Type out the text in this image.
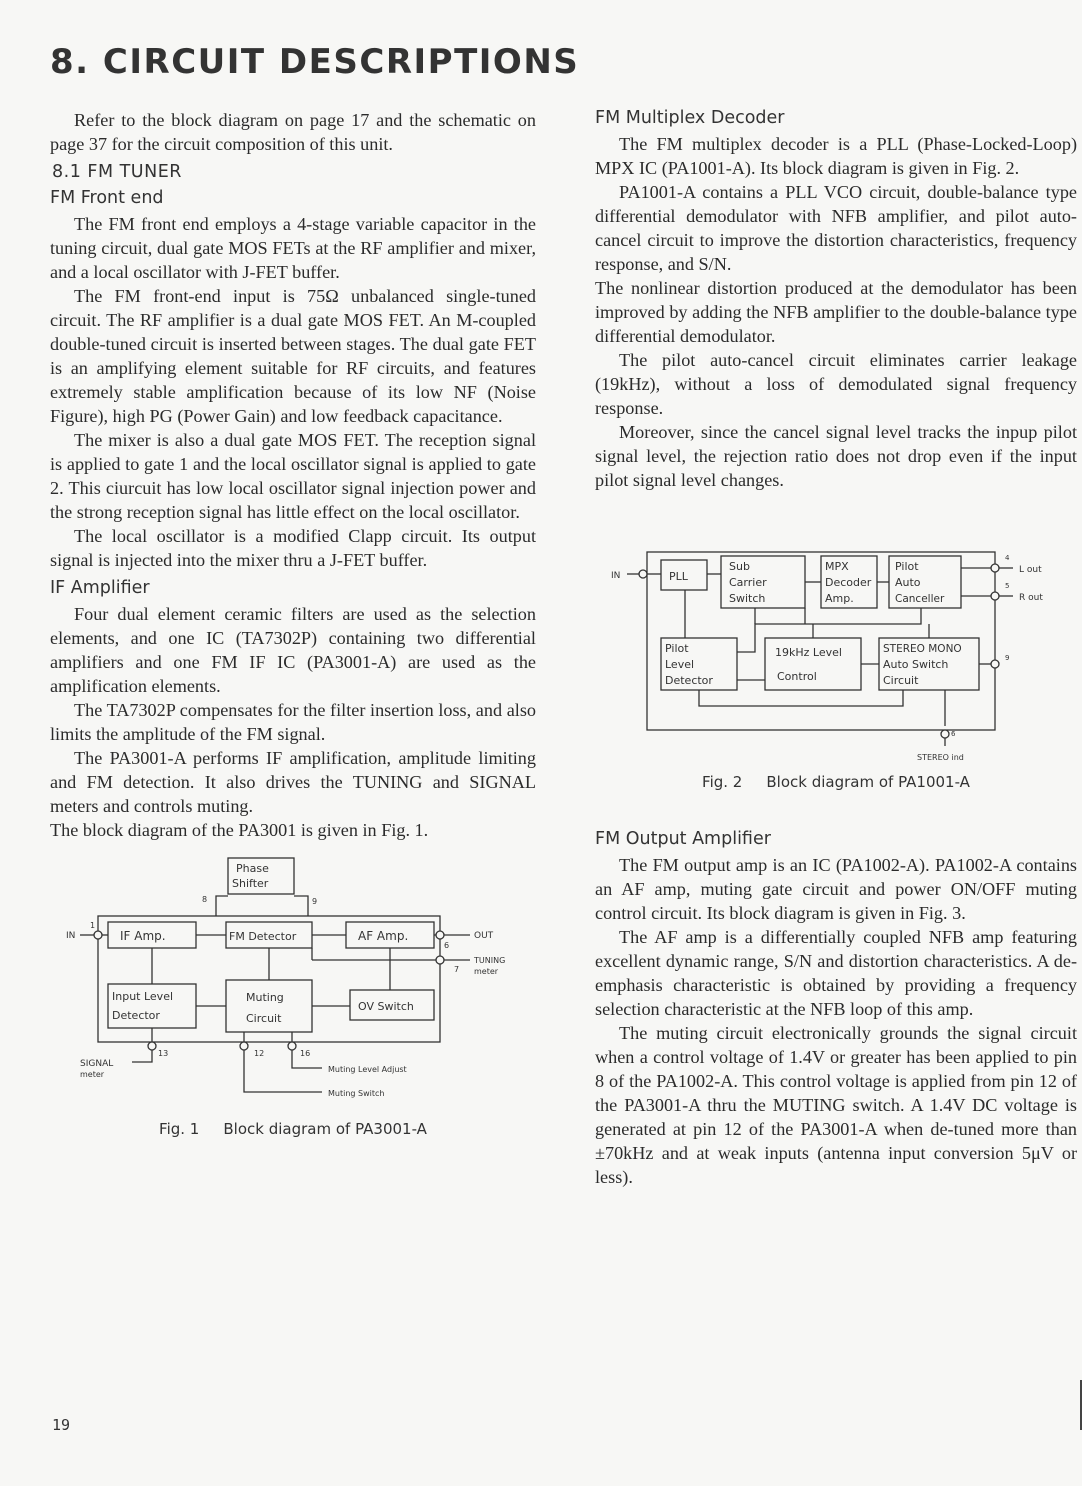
8. CIRCUIT DESCRIPTIONS

Refer to the block diagram on page 17 and the schematic on page 37 for the circuit composition of this unit.

8.1 FM TUNER
FM Front end

The FM front end employs a 4-stage variable capacitor in the tuning circuit, dual gate MOS FETs at the RF amplifier and mixer, and a local oscillator with J-FET buffer.

The FM front-end input is 75Ω unbalanced single-tuned circuit. The RF amplifier is a dual gate MOS FET. An M-coupled double-tuned circuit is inserted between stages. The dual gate FET is an amplifying element suitable for RF circuits, and features extremely stable amplification because of its low NF (Noise Figure), high PG (Power Gain) and low feedback capacitance.

The mixer is also a dual gate MOS FET. The reception signal is applied to gate 1 and the local oscillator signal is applied to gate 2. This ciurcuit has low local oscillator signal injection power and the strong reception signal has little effect on the local oscillator.

The local oscillator is a modified Clapp circuit. Its output signal is injected into the mixer thru a J-FET buffer.

IF Amplifier

Four dual element ceramic filters are used as the selection elements, and one IC (TA7302P) containing two differential amplifiers and one FM IF IC (PA3001-A) are used as the amplification elements.

The TA7302P compensates for the filter insertion loss, and also limits the amplitude of the FM signal.

The PA3001-A performs IF amplification, amplitude limiting and FM detection. It also drives the TUNING and SIGNAL meters and controls muting.

The block diagram of the PA3001 is given in Fig. 1.

Phase
Shifter
8	9
IF Amp.	FM Detector	AF Amp.
IN
1
OUT
6
TUNING
meter
7
Input Level
Detector
Muting
Circuit
OV Switch
13	12	16
SIGNAL
meter
Muting Level Adjust
Muting Switch
Fig. 1 Block diagram of PA3001-A
FM Multiplex Decoder

The FM multiplex decoder is a PLL (Phase-Locked-Loop) MPX IC (PA1001-A). Its block diagram is given in Fig. 2.

PA1001-A contains a PLL VCO circuit, double-balance type differential demodulator with NFB amplifier, and pilot auto-cancel circuit to improve the distortion characteristics, frequency response, and S/N.

The nonlinear distortion produced at the demodulator has been improved by adding the NFB amplifier to the double-balance type differential demodulator.

The pilot auto-cancel circuit eliminates carrier leakage (19kHz), without a loss of demodulated signal frequency response.

Moreover, since the cancel signal level tracks the inpup pilot signal level, the rejection ratio does not drop even if the input pilot signal level changes.

IN	PLL
Sub
Carrier
Switch
MPX
Decoder
Amp.
Pilot
Auto
Canceller
L out
4
R out
5
Pilot
Level
Detector
19kHz Level
Control
STEREO MONO
Auto Switch
Circuit
9
6
STEREO ind
Fig. 2 Block diagram of PA1001-A
FM Output Amplifier

The FM output amp is an IC (PA1002-A). PA1002-A contains an AF amp, muting gate circuit and power ON/OFF muting control circuit. Its block diagram is given in Fig. 3.

The AF amp is a differentially coupled NFB amp featuring excellent dynamic range, S/N and distortion characteristics. A de-emphasis characteristic is obtained by providing a frequency selection characteristic at the NFB loop of this amp.

The muting circuit electronically grounds the signal circuit when a control voltage of 1.4V or greater has been applied to pin 8 of the PA1002-A. This control voltage is applied from pin 12 of the PA3001-A thru the MUTING switch. A 1.4V DC voltage is generated at pin 12 of the PA3001-A when de-tuned more than ±70kHz and at weak inputs (antenna input conversion 5μV or less).

19
